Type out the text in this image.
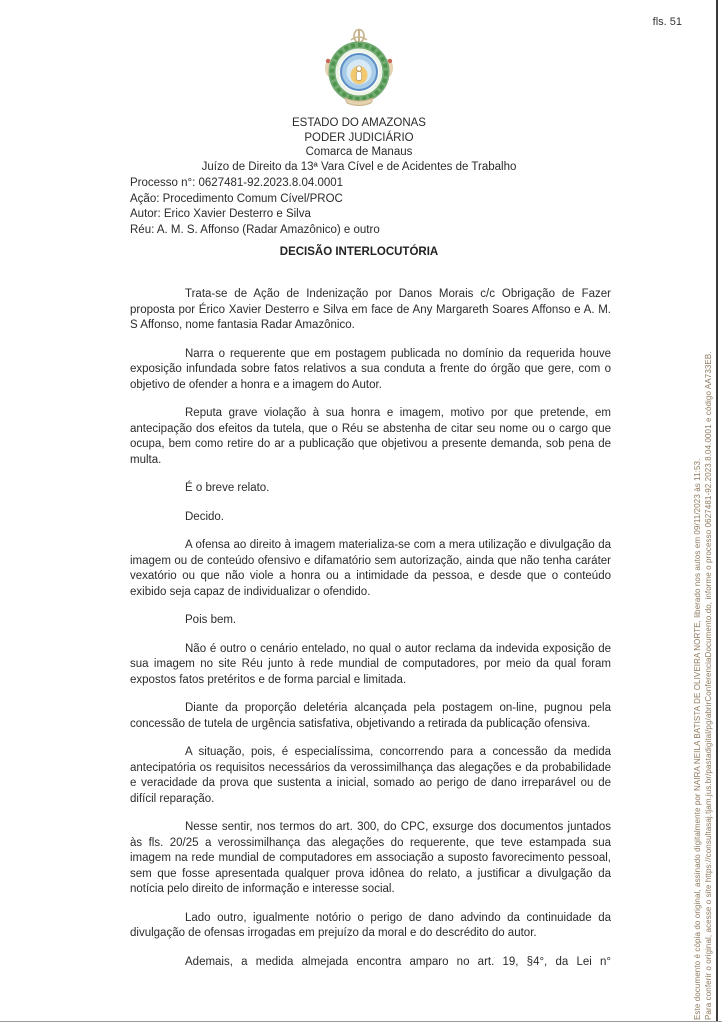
fls. 51
ESTADO DO AMAZONAS
PODER JUDICIÁRIO
Comarca de Manaus
Juízo de Direito da 13ª Vara Cível e de Acidentes de Trabalho
Processo n°: 0627481-92.2023.8.04.0001
Ação: Procedimento Comum Cível/PROC
Autor: Erico Xavier Desterro e Silva
Réu: A. M. S. Affonso (Radar Amazônico) e outro
DECISÃO INTERLOCUTÓRIA

Trata-se de Ação de Indenização por Danos Morais c/c Obrigação de Fazer proposta por Érico Xavier Desterro e Silva em face de Any Margareth Soares Affonso e A. M. S Affonso, nome fantasia Radar Amazônico.

Narra o requerente que em postagem publicada no domínio da requerida houve exposição infundada sobre fatos relativos a sua conduta a frente do órgão que gere, com o objetivo de ofender a honra e a imagem do Autor.

Reputa grave violação à sua honra e imagem, motivo por que pretende, em antecipação dos efeitos da tutela, que o Réu se abstenha de citar seu nome ou o cargo que ocupa, bem como retire do ar a publicação que objetivou a presente demanda, sob pena de multa.

É o breve relato.

Decido.

A ofensa ao direito à imagem materializa-se com a mera utilização e divulgação da imagem ou de conteúdo ofensivo e difamatório sem autorização, ainda que não tenha caráter vexatório ou que não viole a honra ou a intimidade da pessoa, e desde que o conteúdo exibido seja capaz de individualizar o ofendido.

Pois bem.

Não é outro o cenário entelado, no qual o autor reclama da indevida exposição de sua imagem no site Réu junto à rede mundial de computadores, por meio da qual foram expostos fatos pretéritos e de forma parcial e limitada.

Diante da proporção deletéria alcançada pela postagem on-line, pugnou pela concessão de tutela de urgência satisfativa, objetivando a retirada da publicação ofensiva.

A situação, pois, é especialíssima, concorrendo para a concessão da medida antecipatória os requisitos necessários da verossimilhança das alegações e da probabilidade e veracidade da prova que sustenta a inicial, somado ao perigo de dano irreparável ou de difícil reparação.

Nesse sentir, nos termos do art. 300, do CPC, exsurge dos documentos juntados às fls. 20/25 a verossimilhança das alegações do requerente, que teve estampada sua imagem na rede mundial de computadores em associação a suposto favorecimento pessoal, sem que fosse apresentada qualquer prova idônea do relato, a justificar a divulgação da notícia pelo direito de informação e interesse social.

Lado outro, igualmente notório o perigo de dano advindo da continuidade da divulgação de ofensas irrogadas em prejuízo da moral e do descrédito do autor.

Ademais, a medida almejada encontra amparo no art. 19, §4°, da Lei n°	Este documento é cópia do original, assinado digitalmente por NAIRA NEILA BATISTA DE OLIVEIRA NORTE, liberado nos autos em 09/11/2023 às 11:53. Para conferir o original, acesse o site https://consultasaj.tjam.jus.br/pastadigital/pg/abrirConferenciaDocumento.do, informe o processo 0627481-92.2023.8.04.0001 e código AA733EB.
